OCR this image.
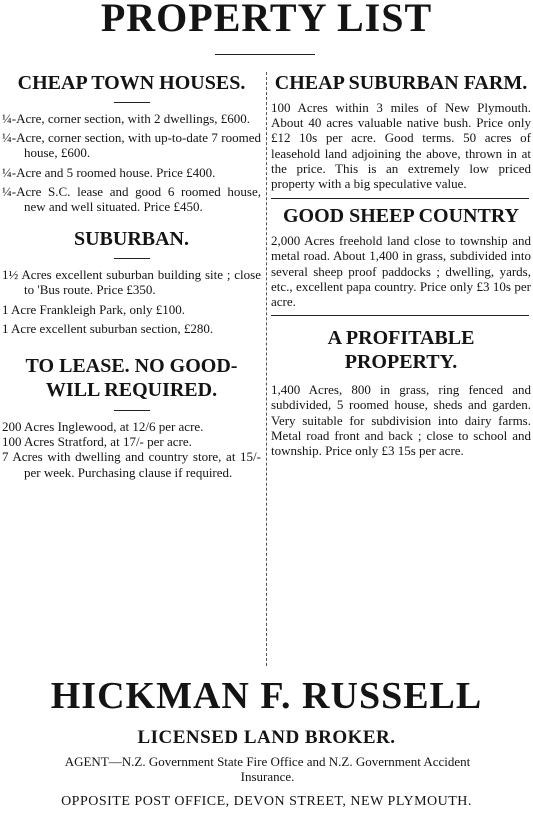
PROPERTY LIST

CHEAP TOWN HOUSES.

¼-Acre, corner section, with 2 dwellings, £600.

¼-Acre, corner section, with up-to-date 7 roomed house, £600.

¼-Acre and 5 roomed house. Price £400.

¼-Acre S.C. lease and good 6 roomed house, new and well situated. Price £450.

SUBURBAN.

1½ Acres excellent suburban building site ; close to 'Bus route. Price £350.

1 Acre Frankleigh Park, only £100.

1 Acre excellent suburban section, £280.

TO LEASE. NO GOOD-WILL REQUIRED.

200 Acres Inglewood, at 12/6 per acre.

100 Acres Stratford, at 17/- per acre.

7 Acres with dwelling and country store, at 15/- per week. Purchasing clause if required.

CHEAP SUBURBAN FARM.

100 Acres within 3 miles of New Plymouth. About 40 acres valuable native bush. Price only £12 10s per acre. Good terms. 50 acres of leasehold land adjoining the above, thrown in at the price. This is an extremely low priced property with a big speculative value.

GOOD SHEEP COUNTRY

2,000 Acres freehold land close to township and metal road. About 1,400 in grass, subdivided into several sheep proof paddocks ; dwelling, yards, etc., excellent papa country. Price only £3 10s per acre.

A PROFITABLE PROPERTY.

1,400 Acres, 800 in grass, ring fenced and subdivided, 5 roomed house, sheds and garden. Very suitable for subdivision into dairy farms. Metal road front and back ; close to school and township. Price only £3 15s per acre.

HICKMAN F. RUSSELL
LICENSED LAND BROKER.
AGENT—N.Z. Government State Fire Office and N.Z. Government Accident Insurance.
OPPOSITE POST OFFICE, DEVON STREET, NEW PLYMOUTH.
